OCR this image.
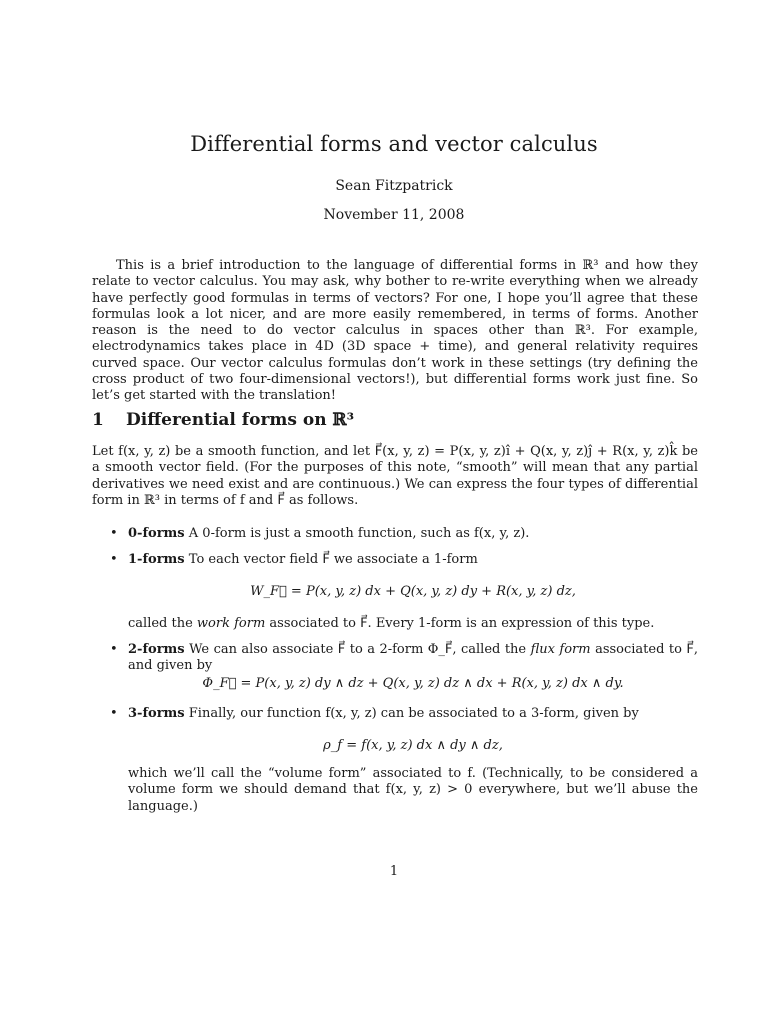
Differential forms and vector calculus
Sean Fitzpatrick
November 11, 2008

This is a brief introduction to the language of differential forms in ℝ³ and how they relate to vector calculus. You may ask, why bother to re-write everything when we already have perfectly good formulas in terms of vectors? For one, I hope you’ll agree that these formulas look a lot nicer, and are more easily remembered, in terms of forms. Another reason is the need to do vector calculus in spaces other than ℝ³. For example, electrodynamics takes place in 4D (3D space + time), and general relativity requires curved space. Our vector calculus formulas don’t work in these settings (try defining the cross product of two four-dimensional vectors!), but differential forms work just fine. So let’s get started with the translation!

1 Differential forms on ℝ³

Let f(x, y, z) be a smooth function, and let F⃗(x, y, z) = P(x, y, z)ı̂ + Q(x, y, z)ȷ̂ + R(x, y, z)k̂ be a smooth vector field. (For the purposes of this note, “smooth” will mean that any partial derivatives we need exist and are continuous.) We can express the four types of differential form in ℝ³ in terms of f and F⃗ as follows.

• 0-forms A 0-form is just a smooth function, such as f(x, y, z).
• 1-forms To each vector field F⃗ we associate a 1-form
W_F⃗ = P(x, y, z) dx + Q(x, y, z) dy + R(x, y, z) dz,
called the work form associated to F⃗. Every 1-form is an expression of this type.
• 2-forms We can also associate F⃗ to a 2-form Φ_F⃗, called the flux form associated to F⃗, and given by
Φ_F⃗ = P(x, y, z) dy ∧ dz + Q(x, y, z) dz ∧ dx + R(x, y, z) dx ∧ dy.
• 3-forms Finally, our function f(x, y, z) can be associated to a 3-form, given by
ρ_f = f(x, y, z) dx ∧ dy ∧ dz,
which we’ll call the “volume form” associated to f. (Technically, to be considered a volume form we should demand that f(x, y, z) > 0 everywhere, but we’ll abuse the language.)
1
